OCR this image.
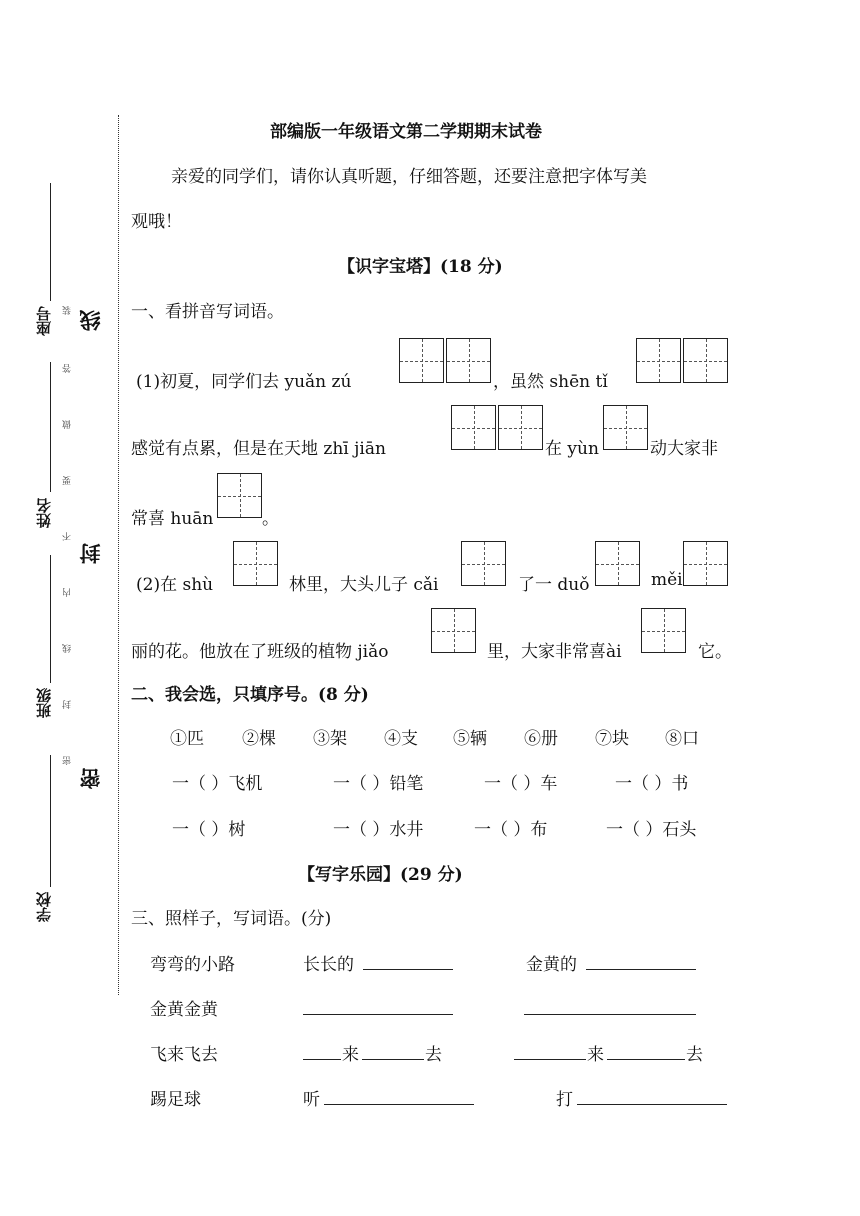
座号
姓名
班级
学校
线
封
密
装
答
做
要
不
内
线
封
密
部编版一年级语文第二学期期末试卷
亲爱的同学们，请你认真听题，仔细答题，还要注意把字体写美
观哦！
【识字宝塔】(18 分)
一、看拼音写词语。
(1)初夏，同学们去 yuǎn zú	，虽然 shēn tǐ
感觉有点累，但是在天地 zhī jiān	在 yùn	动大家非
常喜 huān	。
(2)在 shù	林里，大头儿子 cǎi	了一 duǒ	měi
丽的花。他放在了班级的植物 jiǎo	里，大家非常喜ài	它。
二、我会选，只填序号。(8 分)
①匹 ②棵 ③架 ④支 ⑤辆 ⑥册 ⑦块 ⑧口
一（ ）飞机	一（ ）铅笔	一（ ）车	一（ ）书
一（ ）树	一（ ）水井	一（ ）布	一（ ）石头
【写字乐园】(29 分)
三、照样子，写词语。(分)
弯弯的小路	长长的	金黄的
金黄金黄
飞来飞去	来	去	来	去
踢足球	听	打
